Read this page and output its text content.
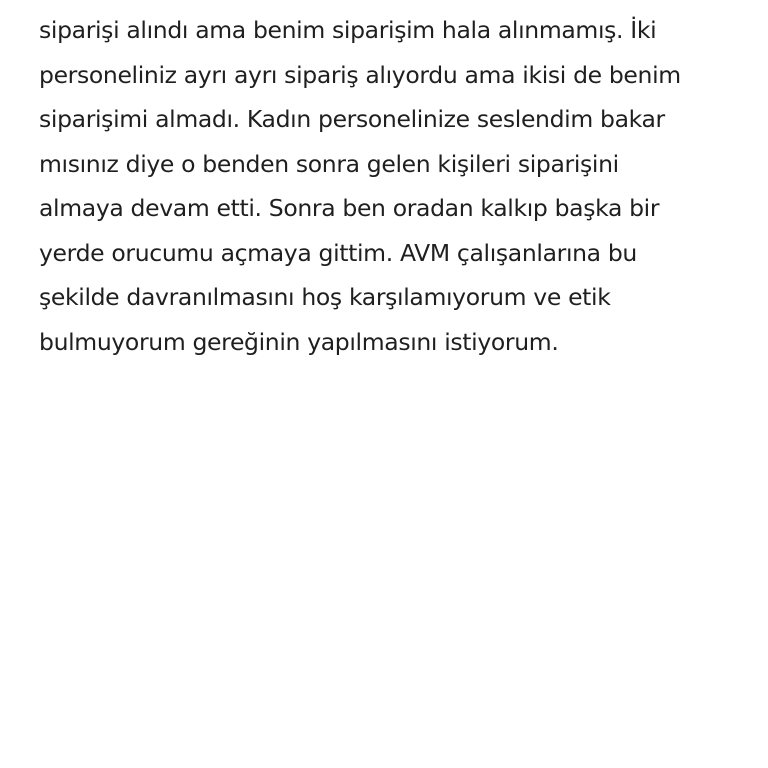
siparişi alındı ama benim siparişim hala alınmamış. İki
personeliniz ayrı ayrı sipariş alıyordu ama ikisi de benim
siparişimi almadı. Kadın personelinize seslendim bakar
mısınız diye o benden sonra gelen kişileri siparişini
almaya devam etti. Sonra ben oradan kalkıp başka bir
yerde orucumu açmaya gittim. AVM çalışanlarına bu
şekilde davranılmasını hoş karşılamıyorum ve etik
bulmuyorum gereğinin yapılmasını istiyorum.
